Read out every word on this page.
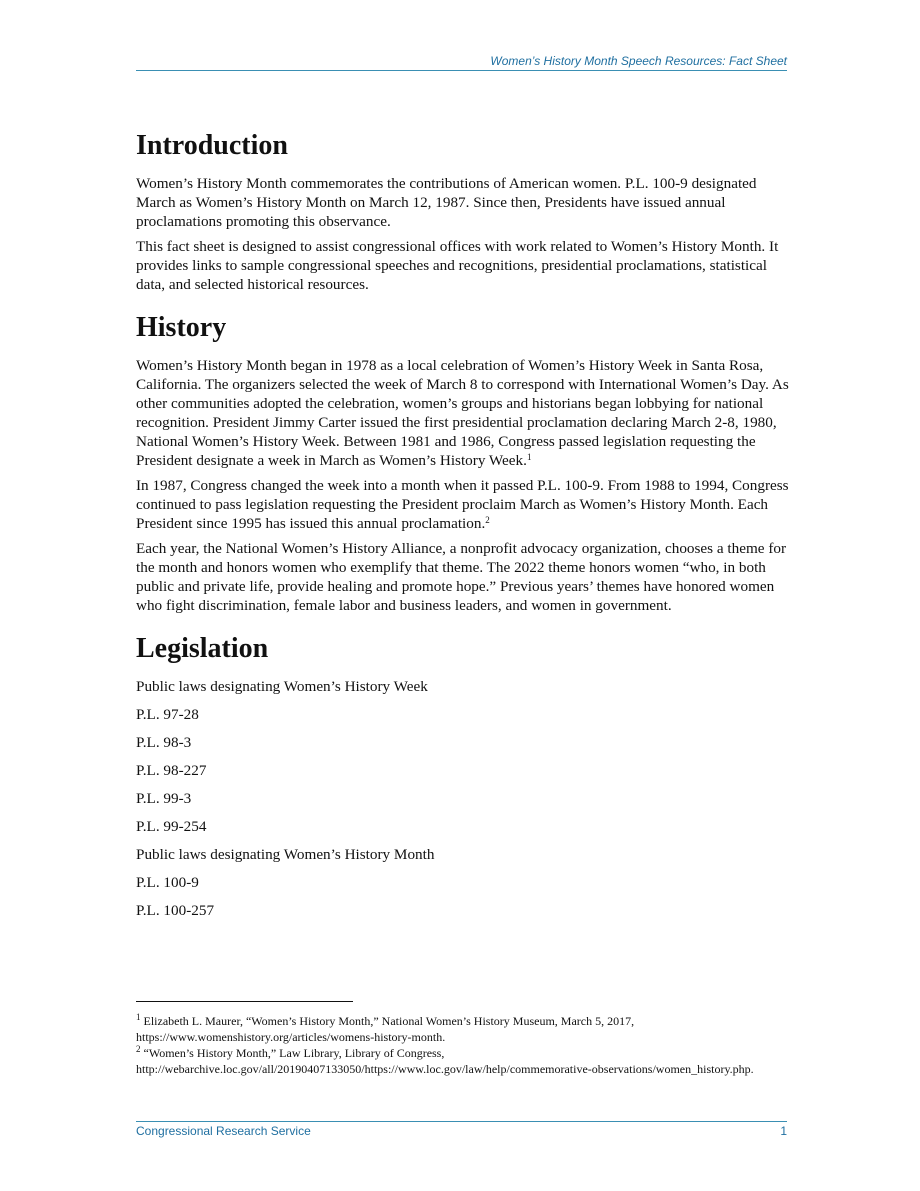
Women’s History Month Speech Resources: Fact Sheet
Introduction

Women’s History Month commemorates the contributions of American women. P.L. 100-9 designated March as Women’s History Month on March 12, 1987. Since then, Presidents have issued annual proclamations promoting this observance.

This fact sheet is designed to assist congressional offices with work related to Women’s History Month. It provides links to sample congressional speeches and recognitions, presidential proclamations, statistical data, and selected historical resources.

History

Women’s History Month began in 1978 as a local celebration of Women’s History Week in Santa Rosa, California. The organizers selected the week of March 8 to correspond with International Women’s Day. As other communities adopted the celebration, women’s groups and historians began lobbying for national recognition. President Jimmy Carter issued the first presidential proclamation declaring March 2-8, 1980, National Women’s History Week. Between 1981 and 1986, Congress passed legislation requesting the President designate a week in March as Women’s History Week.$^1$

In 1987, Congress changed the week into a month when it passed P.L. 100-9. From 1988 to 1994, Congress continued to pass legislation requesting the President proclaim March as Women’s History Month. Each President since 1995 has issued this annual proclamation.$^2$

Each year, the National Women’s History Alliance, a nonprofit advocacy organization, chooses a theme for the month and honors women who exemplify that theme. The 2022 theme honors women “who, in both public and private life, provide healing and promote hope.” Previous years’ themes have honored women who fight discrimination, female labor and business leaders, and women in government.

Legislation
Public laws designating Women’s History Week
P.L. 97-28
P.L. 98-3
P.L. 98-227
P.L. 99-3
P.L. 99-254
Public laws designating Women’s History Month
P.L. 100-9
P.L. 100-257

$^1$ Elizabeth L. Maurer, “Women’s History Month,” National Women’s History Museum, March 5, 2017, https://www.womenshistory.org/articles/womens-history-month.

$^2$ “Women’s History Month,” Law Library, Library of Congress, http://webarchive.loc.gov/all/20190407133050/https://www.loc.gov/law/help/commemorative-observations/women_history.php.

Congressional Research Service	1
